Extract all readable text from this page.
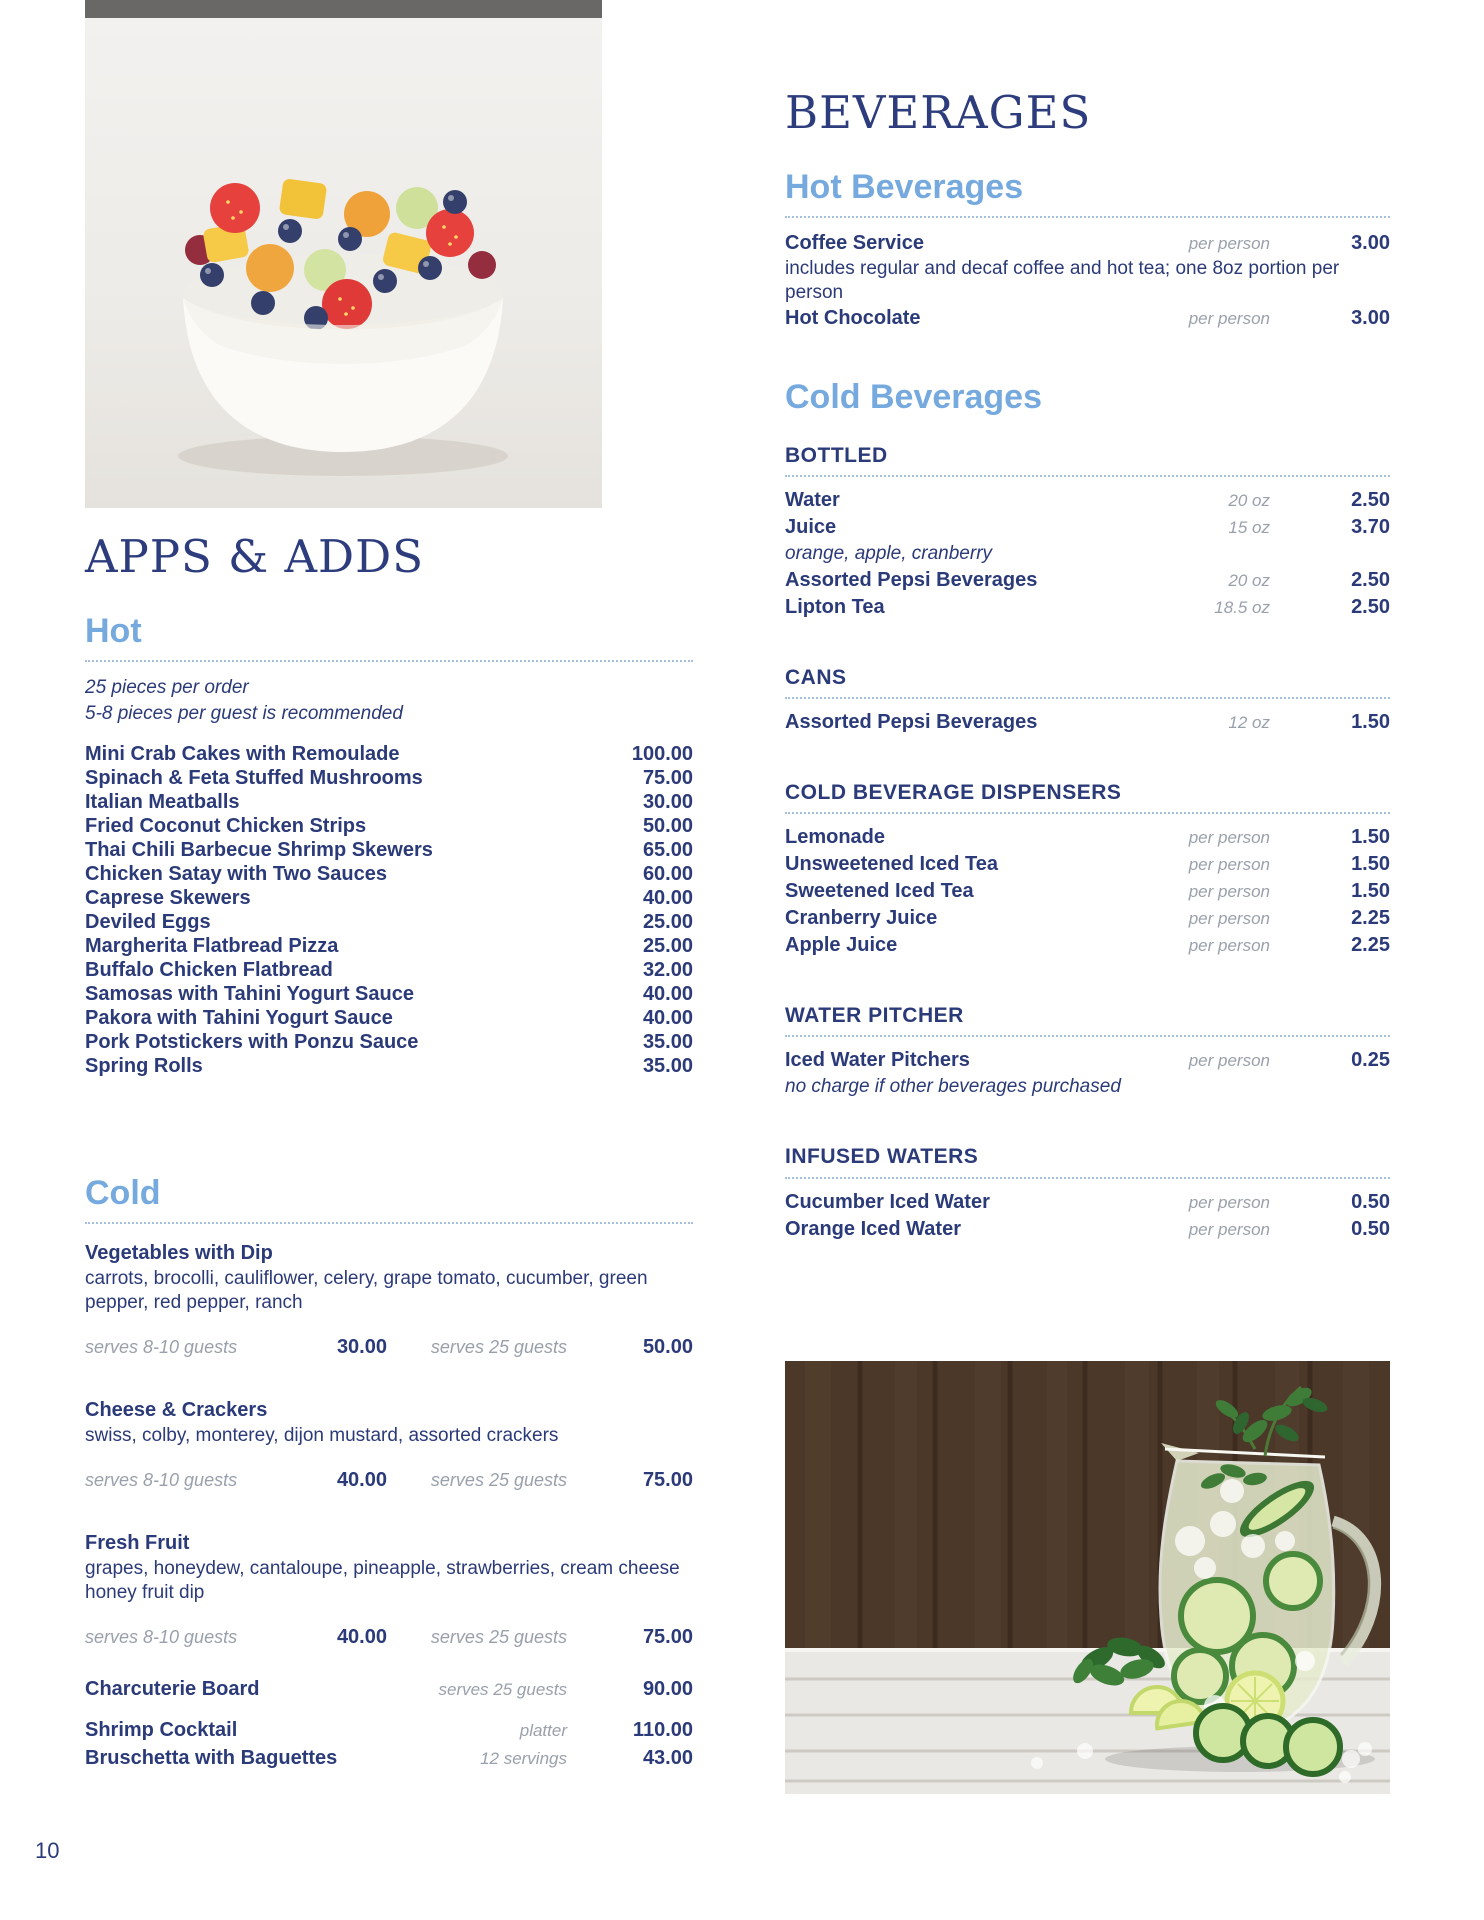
APPS & ADDS
Hot
25 pieces per order
5-8 pieces per guest is recommended
Mini Crab Cakes with Remoulade	100.00
Spinach & Feta Stuffed Mushrooms	75.00
Italian Meatballs	30.00
Fried Coconut Chicken Strips	50.00
Thai Chili Barbecue Shrimp Skewers	65.00
Chicken Satay with Two Sauces	60.00
Caprese Skewers	40.00
Deviled Eggs	25.00
Margherita Flatbread Pizza	25.00
Buffalo Chicken Flatbread	32.00
Samosas with Tahini Yogurt Sauce	40.00
Pakora with Tahini Yogurt Sauce	40.00
Pork Potstickers with Ponzu Sauce	35.00
Spring Rolls	35.00
Cold
Vegetables with Dip
carrots, brocolli, cauliflower, celery, grape tomato, cucumber, green pepper, red pepper, ranch
serves 8-10 guests	30.00	serves 25 guests	50.00
Cheese & Crackers
swiss, colby, monterey, dijon mustard, assorted crackers
serves 8-10 guests	40.00	serves 25 guests	75.00
Fresh Fruit
grapes, honeydew, cantaloupe, pineapple, strawberries, cream cheese honey fruit dip
serves 8-10 guests	40.00	serves 25 guests	75.00
Charcuterie Board	serves 25 guests	90.00
Shrimp Cocktail	platter	110.00
Bruschetta with Baguettes	12 servings	43.00
BEVERAGES
Hot Beverages
Coffee Service	per person	3.00
includes regular and decaf coffee and hot tea; one 8oz portion per person
Hot Chocolate	per person	3.00
Cold Beverages
BOTTLED
Water	20 oz	2.50
Juice	15 oz	3.70
orange, apple, cranberry
Assorted Pepsi Beverages	20 oz	2.50
Lipton Tea	18.5 oz	2.50
CANS
Assorted Pepsi Beverages	12 oz	1.50
COLD BEVERAGE DISPENSERS
Lemonade	per person	1.50
Unsweetened Iced Tea	per person	1.50
Sweetened Iced Tea	per person	1.50
Cranberry Juice	per person	2.25
Apple Juice	per person	2.25
WATER PITCHER
Iced Water Pitchers	per person	0.25
no charge if other beverages purchased
INFUSED WATERS
Cucumber Iced Water	per person	0.50
Orange Iced Water	per person	0.50
10
